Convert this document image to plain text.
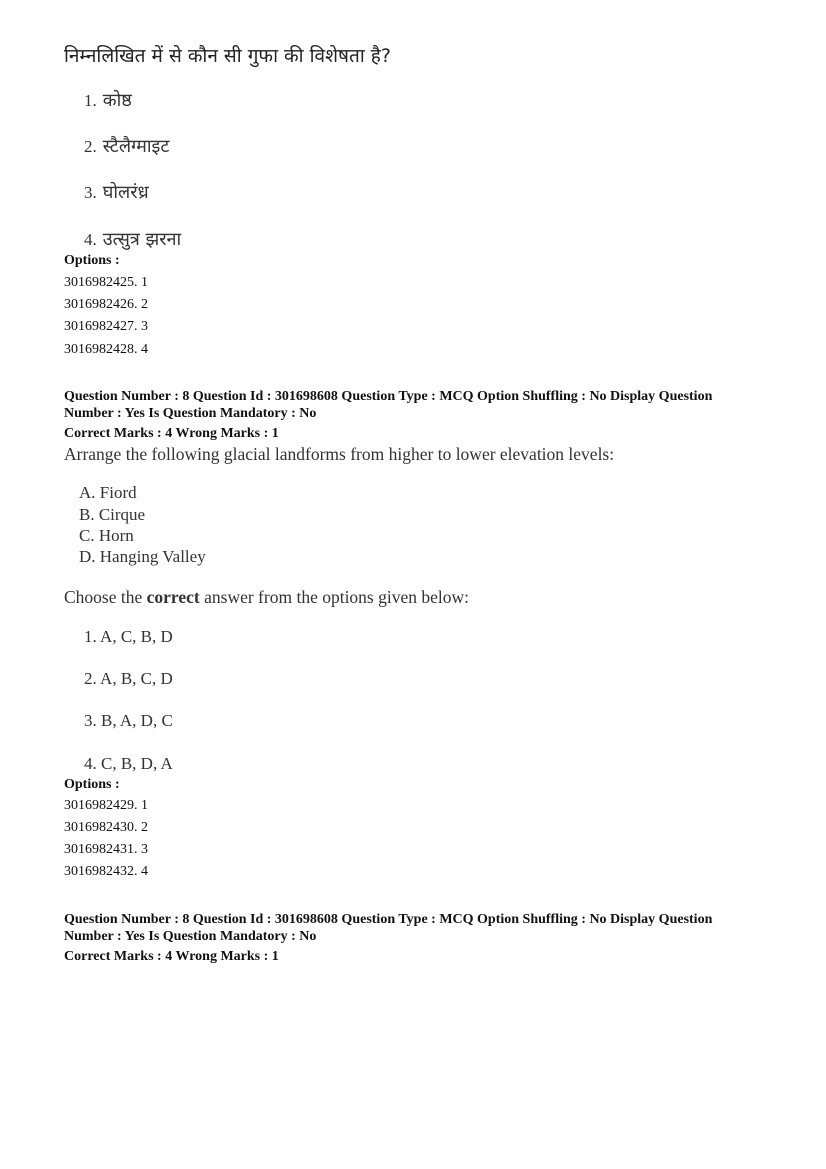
निम्नलिखित में से कौन सी गुफा की विशेषता है?
1. कोष्ठ
2. स्टैलैग्माइट
3. घोलरंध्र
4. उत्सुत्र झरना
Options :
3016982425. 1
3016982426. 2
3016982427. 3
3016982428. 4
Question Number : 8 Question Id : 301698608 Question Type : MCQ Option Shuffling : No Display Question
Number : Yes Is Question Mandatory : No
Correct Marks : 4 Wrong Marks : 1
Arrange the following glacial landforms from higher to lower elevation levels:
A. Fiord
B. Cirque
C. Horn
D. Hanging Valley
Choose the correct answer from the options given below:
1. A, C, B, D
2. A, B, C, D
3. B, A, D, C
4. C, B, D, A
Options :
3016982429. 1
3016982430. 2
3016982431. 3
3016982432. 4
Question Number : 8 Question Id : 301698608 Question Type : MCQ Option Shuffling : No Display Question
Number : Yes Is Question Mandatory : No
Correct Marks : 4 Wrong Marks : 1
